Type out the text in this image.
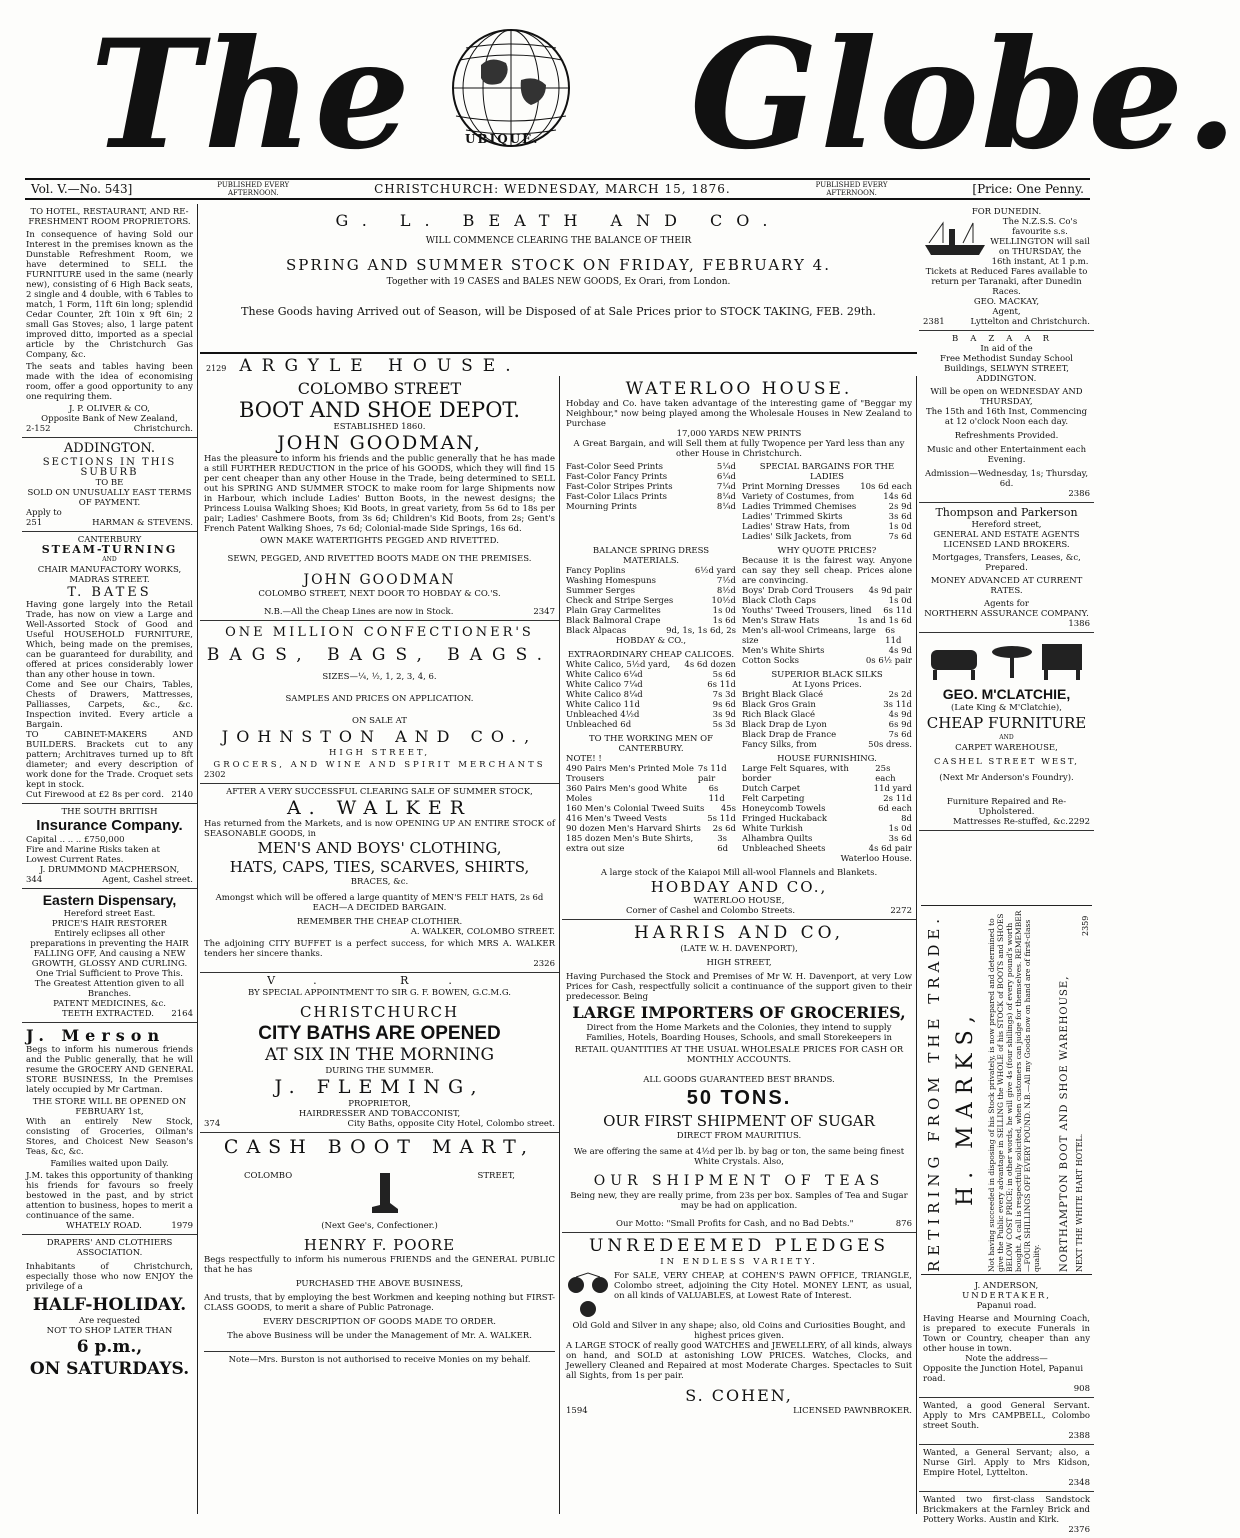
The	UBIQUE. Globe.
Vol. V.—No. 543]	PUBLISHED EVERY AFTERNOON.	CHRISTCHURCH: WEDNESDAY, MARCH 15, 1876.	PUBLISHED EVERY AFTERNOON.	[Price: One Penny.
G. L. BEATH AND CO.
WILL COMMENCE CLEARING THE BALANCE OF THEIR
SPRING AND SUMMER STOCK ON FRIDAY, FEBRUARY 4.
Together with 19 CASES and BALES NEW GOODS, Ex Orari, from London.
These Goods having Arrived out of Season, will be Disposed of at Sale Prices prior to STOCK TAKING, FEB. 29th.
2129 ARGYLE HOUSE.
TO HOTEL, RESTAURANT, AND RE-FRESHMENT ROOM PROPRIETORS.
In consequence of having Sold our Interest in the premises known as the Dunstable Refreshment Room, we have determined to SELL the FURNITURE used in the same (nearly new), consisting of 6 High Back seats, 2 single and 4 double, with 6 Tables to match, 1 Form, 11ft 6in long; splendid Cedar Counter, 2ft 10in x 9ft 6in; 2 small Gas Stoves; also, 1 large patent improved ditto, imported as a special article by the Christchurch Gas Company, &c.
The seats and tables having been made with the idea of economising room, offer a good opportunity to any one requiring them.
J. P. OLIVER & CO,
Opposite Bank of New Zealand,
2-152	Christchurch.
ADDINGTON.
SECTIONS IN THIS SUBURB
TO BE
SOLD ON UNUSUALLY EAST TERMS OF PAYMENT.
Apply to
251	HARMAN & STEVENS.
CANTERBURY
STEAM-TURNING
AND
CHAIR MANUFACTORY WORKS, MADRAS STREET.
T. BATES
Having gone largely into the Retail Trade, has now on view a Large and Well-Assorted Stock of Good and Useful HOUSEHOLD FURNITURE, Which, being made on the premises, can be guaranteed for durability, and offered at prices considerably lower than any other house in town.
Come and See our Chairs, Tables, Chests of Drawers, Mattresses, Palliasses, Carpets, &c., &c. Inspection invited. Every article a Bargain.
TO CABINET-MAKERS AND BUILDERS. Brackets cut to any pattern; Architraves turned up to 8ft diameter; and every description of work done for the Trade. Croquet sets kept in stock.
Cut Firewood at £2 8s per cord. 2140
THE SOUTH BRITISH
Insurance Company.
Capital .. .. .. £750,000
Fire and Marine Risks taken at Lowest Current Rates.
J. DRUMMOND MACPHERSON,
344	Agent, Cashel street.
Eastern Dispensary,
Hereford street East.
PRICE'S HAIR RESTORER
Entirely eclipses all other preparations in preventing the HAIR FALLING OFF, And causing a NEW GROWTH, GLOSSY AND CURLING.
One Trial Sufficient to Prove This.
The Greatest Attention given to all Branches.
PATENT MEDICINES, &c.
TEETH EXTRACTED. 2164
J. Merson
Begs to inform his numerous friends and the Public generally, that he will resume the GROCERY AND GENERAL STORE BUSINESS, In the Premises lately occupied by Mr Cartman.
THE STORE WILL BE OPENED ON FEBRUARY 1st,
With an entirely New Stock, consisting of Groceries, Oilman's Stores, and Choicest New Season's Teas, &c, &c.
Families waited upon Daily.
J.M. takes this opportunity of thanking his friends for favours so freely bestowed in the past, and by strict attention to business, hopes to merit a continuance of the same.
WHATELY ROAD.	1979
DRAPERS' AND CLOTHIERS ASSOCIATION.
Inhabitants of Christchurch, especially those who now ENJOY the privilege of a
HALF-HOLIDAY.
Are requested
NOT TO SHOP LATER THAN
6 p.m.,
ON SATURDAYS.
COLOMBO STREET
BOOT AND SHOE DEPOT.
ESTABLISHED 1860.
JOHN GOODMAN,
Has the pleasure to inform his friends and the public generally that he has made a still FURTHER REDUCTION in the price of his GOODS, which they will find 15 per cent cheaper than any other House in the Trade, being determined to SELL out his SPRING AND SUMMER STOCK to make room for large Shipments now in Harbour, which include Ladies' Button Boots, in the newest designs; the Princess Louisa Walking Shoes; Kid Boots, in great variety, from 5s 6d to 18s per pair; Ladies' Cashmere Boots, from 3s 6d; Children's Kid Boots, from 2s; Gent's French Patent Walking Shoes, 7s 6d; Colonial-made Side Springs, 16s 6d.
OWN MAKE WATERTIGHTS PEGGED AND RIVETTED.
SEWN, PEGGED, AND RIVETTED BOOTS MADE ON THE PREMISES.
JOHN GOODMAN
COLOMBO STREET, NEXT DOOR TO HOBDAY & CO.'S.
N.B.—All the Cheap Lines are now in Stock.	2347
ONE MILLION CONFECTIONER'S
BAGS, BAGS, BAGS.
SIZES—¼, ½, 1, 2, 3, 4, 6.
SAMPLES AND PRICES ON APPLICATION.
ON SALE AT
JOHNSTON AND CO.,
HIGH STREET,
GROCERS, AND WINE AND SPIRIT MERCHANTS
2302
AFTER A VERY SUCCESSFUL CLEARING SALE OF SUMMER STOCK,
A. WALKER
Has returned from the Markets, and is now OPENING UP AN ENTIRE STOCK of SEASONABLE GOODS, in
MEN'S AND BOYS' CLOTHING,
HATS, CAPS, TIES, SCARVES, SHIRTS,
BRACES, &c.
Amongst which will be offered a large quantity of MEN'S FELT HATS, 2s 6d EACH—A DECIDED BARGAIN.
REMEMBER THE CHEAP CLOTHIER.
A. WALKER, COLOMBO STREET.
The adjoining CITY BUFFET is a perfect success, for which MRS A. WALKER tenders her sincere thanks.
2326
V. R.
BY SPECIAL APPOINTMENT TO SIR G. F. BOWEN, G.C.M.G.
CHRISTCHURCH
CITY BATHS ARE OPENED
AT SIX IN THE MORNING
DURING THE SUMMER.
J. FLEMING,
PROPRIETOR,
HAIRDRESSER AND TOBACCONIST,
374	City Baths, opposite City Hotel, Colombo street.
CASH BOOT MART,
COLOMBO	STREET,
(Next Gee's, Confectioner.)
HENRY F. POORE
Begs respectfully to inform his numerous FRIENDS and the GENERAL PUBLIC that he has
PURCHASED THE ABOVE BUSINESS,
And trusts, that by employing the best Workmen and keeping nothing but FIRST-CLASS GOODS, to merit a share of Public Patronage.
EVERY DESCRIPTION OF GOODS MADE TO ORDER.
The above Business will be under the Management of Mr. A. WALKER.
Note—Mrs. Burston is not authorised to receive Monies on my behalf.
WATERLOO HOUSE.
Hobday and Co. have taken advantage of the interesting game of "Beggar my Neighbour," now being played among the Wholesale Houses in New Zealand to Purchase
17,000 YARDS NEW PRINTS
A Great Bargain, and will Sell them at fully Twopence per Yard less than any other House in Christchurch.
Fast-Color Seed Prints	5¼d
Fast-Color Fancy Prints	6¼d
Fast-Color Stripes Prints	7¼d
Fast-Color Lilacs Prints	8¼d
Mourning Prints	8¼d
SPECIAL BARGAINS FOR THE LADIES
Print Morning Dresses 10s 6d each
Variety of Costumes, from	14s 6d
Ladies Trimmed Chemises	2s 9d
Ladies' Trimmed Skirts	3s 6d
Ladies' Straw Hats, from	1s 0d
Ladies' Silk Jackets, from	7s 6d
BALANCE SPRING DRESS MATERIALS.
Fancy Poplins	6½d yard
Washing Homespuns	7½d
Summer Serges	8½d
Check and Stripe Serges	10½d
Plain Gray Carmelites	1s 0d
Black Balmoral Crape	1s 6d
Black Alpacas	9d, 1s, 1s 6d, 2s
HOBDAY & CO.,
EXTRAORDINARY CHEAP CALICOES.
White Calico, 5½d yard, 4s 6d dozen
White Calico 6¼d	5s 6d
White Calico 7¼d	6s 11d
White Calico 8¼d	7s 3d
White Calico 11d	9s 6d
Unbleached 4½d	3s 9d
Unbleached 6d	5s 3d
TO THE WORKING MEN OF CANTERBURY.
NOTE! !
490 Pairs Men's Printed Mole Trousers
7s 11d pair
360 Pairs Men's good White Moles
6s 11d
160 Men's Colonial Tweed Suits 45s
416 Men's Tweed Vests	5s 11d
90 dozen Men's Harvard Shirts 2s 6d
185 dozen Men's Bute Shirts, extra out size
3s 6d
WHY QUOTE PRICES?
Because it is the fairest way. Anyone can say they sell cheap. Prices alone are convincing.
Boys' Drab Cord Trousers 4s 9d pair
Black Cloth Caps	1s 0d
Youths' Tweed Trousers, lined 6s 11d
Men's Straw Hats	1s and 1s 6d
Men's all-wool Crimeans, large size
6s 11d
Men's White Shirts	4s 9d
Cotton Socks	0s 6½ pair
SUPERIOR BLACK SILKS
At Lyons Prices.
Bright Black Glacé	2s 2d
Black Gros Grain	3s 11d
Rich Black Glacé	4s 9d
Black Drap de Lyon	6s 9d
Black Drap de France	7s 6d
Fancy Silks, from	50s dress.
HOUSE FURNISHING.
Large Felt Squares, with border
25s each
Dutch Carpet	11d yard
Felt Carpeting	2s 11d
Honeycomb Towels	6d each
Fringed Huckaback	8d
White Turkish	1s 0d
Alhambra Quilts	3s 6d
Unbleached Sheets	4s 6d pair
Waterloo House.
A large stock of the Kaiapoi Mill all-wool Flannels and Blankets.
HOBDAY AND CO.,
WATERLOO HOUSE,
Corner of Cashel and Colombo Streets.	2272
HARRIS AND CO,
(LATE W. H. DAVENPORT),
HIGH STREET,
Having Purchased the Stock and Premises of Mr W. H. Davenport, at very Low Prices for Cash, respectfully solicit a continuance of the support given to their predecessor. Being
LARGE IMPORTERS OF GROCERIES,
Direct from the Home Markets and the Colonies, they intend to supply Families, Hotels, Boarding Houses, Schools, and small Storekeepers in
RETAIL QUANTITIES AT THE USUAL WHOLESALE PRICES FOR CASH OR MONTHLY ACCOUNTS.
ALL GOODS GUARANTEED BEST BRANDS.
50 TONS.
OUR FIRST SHIPMENT OF SUGAR
DIRECT FROM MAURITIUS.
We are offering the same at 4½d per lb. by bag or ton, the same being finest White Crystals. Also,
OUR SHIPMENT OF TEAS
Being new, they are really prime, from 23s per box. Samples of Tea and Sugar may be had on application.
Our Motto: "Small Profits for Cash, and no Bad Debts."	876
UNREDEEMED PLEDGES
IN ENDLESS VARIETY.
For SALE, VERY CHEAP, at COHEN'S PAWN OFFICE, TRIANGLE, Colombo street, adjoining the City Hotel. MONEY LENT, as usual, on all kinds of VALUABLES, at Lowest Rate of Interest.
Old Gold and Silver in any shape; also, old Coins and Curiosities Bought, and highest prices given.
A LARGE STOCK of really good WATCHES and JEWELLERY, of all kinds, always on hand, and SOLD at astonishing LOW PRICES. Watches, Clocks, and Jewellery Cleaned and Repaired at most Moderate Charges. Spectacles to Suit all Sights, from 1s per pair.
S. COHEN,
1594	LICENSED PAWNBROKER.
FOR DUNEDIN.
The N.Z.S.S. Co's favourite s.s. WELLINGTON will sail on THURSDAY, the 16th instant, At 1 p.m.
Tickets at Reduced Fares available to return per Taranaki, after Dunedin Races.
GEO. MACKAY,
Agent,
2381	Lyttelton and Christchurch.
BAZAAR
In aid of the
Free Methodist Sunday School Buildings, SELWYN STREET, ADDINGTON.
Will be open on WEDNESDAY AND THURSDAY,
The 15th and 16th Inst, Commencing at 12 o'clock Noon each day.
Refreshments Provided.
Music and other Entertainment each Evening.
Admission—Wednesday, 1s; Thursday, 6d.
2386
Thompson and Parkerson
Hereford street,
GENERAL AND ESTATE AGENTS LICENSED LAND BROKERS.
Mortgages, Transfers, Leases, &c, Prepared.
MONEY ADVANCED AT CURRENT RATES.
Agents for
NORTHERN ASSURANCE COMPANY.
1386
GEO. M'CLATCHIE,
(Late King & M'Clatchie),
CHEAP FURNITURE
AND
CARPET WAREHOUSE,
CASHEL STREET WEST,
(Next Mr Anderson's Foundry).
Furniture Repaired and Re-Upholstered.
Mattresses Re-stuffed, &c. 2292
RETIRING FROM THE TRADE. H. MARKS, Not having succeeded in disposing of his Stock privately, is now prepared and determined to give the Public every advantage in SELLING the WHOLE of his STOCK of BOOTS and SHOES BELOW COST PRICE; in other words, he will give 4s (four shillings) of every pound's worth bought. A call is respectfully solicited, when customers can judge for themselves. REMEMBER—FOUR SHILLINGS OFF EVERY POUND. N.B.—All my Goods now on hand are of first-class quality. NORTHAMPTON BOOT AND SHOE WAREHOUSE, NEXT THE WHITE HART HOTEL.
2359
J. ANDERSON,
UNDERTAKER,
Papanui road.
Having Hearse and Mourning Coach, is prepared to execute Funerals in Town or Country, cheaper than any other house in town.
Note the address—
Opposite the Junction Hotel, Papanui road.
908
Wanted, a good General Servant. Apply to Mrs CAMPBELL, Colombo street South.
2388
Wanted, a General Servant; also, a Nurse Girl. Apply to Mrs Kidson, Empire Hotel, Lyttelton.
2348
Wanted two first-class Sandstock Brickmakers at the Farnley Brick and Pottery Works. Austin and Kirk.
2376
